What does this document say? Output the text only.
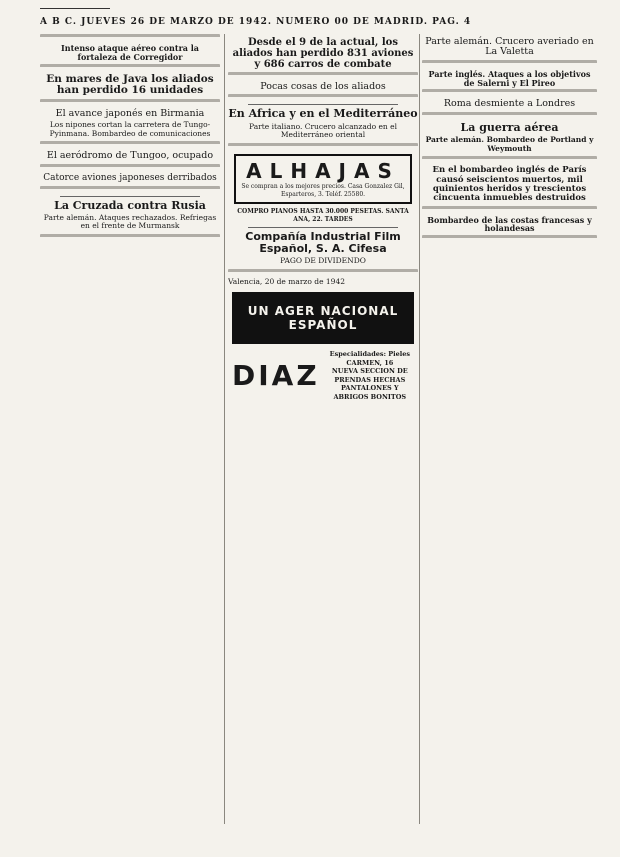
A B C. JUEVES 26 DE MARZO DE 1942. NUMERO 00 DE MADRID. PAG. 4

Intenso ataque aéreo contra la fortaleza de Corregidor

En mares de Java los aliados han perdido 16 unidades

El avance japonés en Birmania
Los nipones cortan la carretera de Tungo-Pyinmana. Bombardeo de comunicaciones

El aeródromo de Tungoo, ocupado

Catorce aviones japoneses derribados

La Cruzada contra Rusia
Parte alemán. Ataques rechazados. Refriegas en el frente de Murmansk

Desde el 9 de la actual, los aliados han perdido 831 aviones y 686 carros de combate

Pocas cosas de los aliados

En Africa y en el Mediterráneo
Parte italiano. Crucero alcanzado en el Mediterráneo oriental

ALHAJAS
Se compran a los mejores precios. Casa Gonzalez Gil, Esparteros, 3. Teléf. 25580.
COMPRO PIANOS HASTA 30.000 PESETAS. SANTA ANA, 22. TARDES
Compañía Industrial Film Español, S. A. Cifesa
PAGO DE DIVIDENDO

Valencia, 20 de marzo de 1942
UN AGER NACIONAL ESPAÑOL
DIAZ
Especialidades: Pieles
CARMEN, 16
NUEVA SECCION DE PRENDAS HECHAS
PANTALONES Y ABRIGOS BONITOS
Parte alemán. Crucero averiado en La Valetta

Parte inglés. Ataques a los objetivos de Salerni y El Pireo

Roma desmiente a Londres

La guerra aérea
Parte alemán. Bombardeo de Portland y Weymouth

En el bombardeo inglés de París causó seiscientos muertos, mil quinientos heridos y trescientos cincuenta inmuebles destruidos

Bombardeo de las costas francesas y holandesas
